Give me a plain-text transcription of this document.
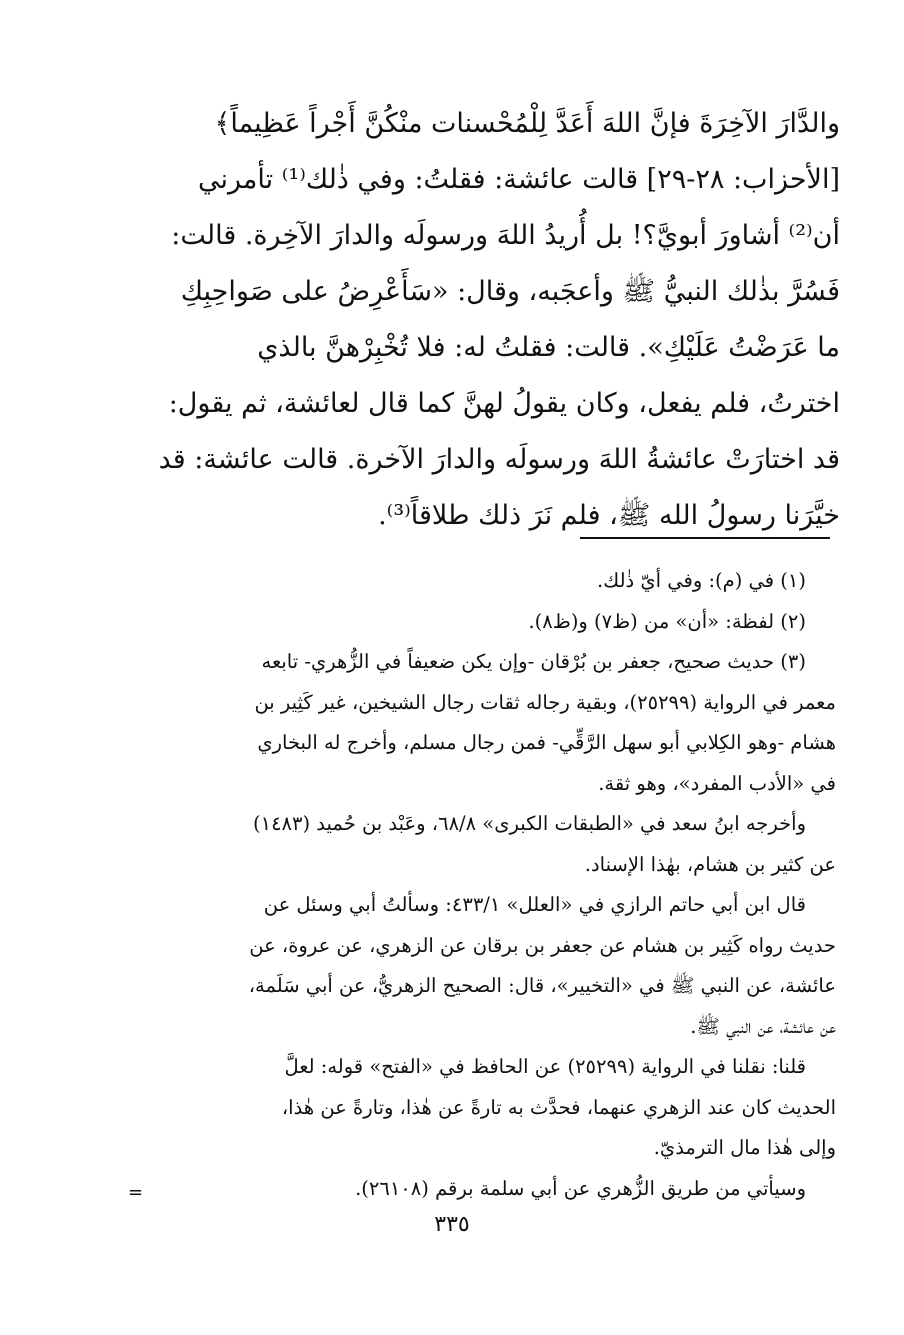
والدَّارَ الآخِرَةَ فإنَّ اللهَ أَعَدَّ لِلْمُحْسنات منْكُنَّ أَجْراً عَظِيماً﴾
[الأحزاب: ٢٨-٢٩] قالت عائشة: فقلتُ: وفي ذٰلك⁽¹⁾ تأمرني
أن⁽²⁾ أشاورَ أبويَّ؟! بل أُريدُ اللهَ ورسولَه والدارَ الآخِرة. قالت:
فَسُرَّ بذٰلك النبيُّ ﷺ وأعجَبه، وقال: «سَأَعْرِضُ على صَواحِبِكِ
ما عَرَضْتُ عَلَيْكِ». قالت: فقلتُ له: فلا تُخْبِرْهنَّ بالذي
اخترتُ، فلم يفعل، وكان يقولُ لهنَّ كما قال لعائشة، ثم يقول:
قد اختارَتْ عائشةُ اللهَ ورسولَه والدارَ الآخرة. قالت عائشة: قد
خيَّرَنا رسولُ الله ﷺ، فلم نَرَ ذلك طلاقاً⁽³⁾.
(١) في (م): وفي أيّ ذٰلك.
(٢) لفظة: «أن» من (ظ٧) و(ظ٨).
(٣) حديث صحيح، جعفر بن بُرْقان -وإن يكن ضعيفاً في الزُّهري- تابعه
معمر في الرواية (٢٥٢٩٩)، وبقية رجاله ثقات رجال الشيخين، غير كَثِير بن
هشام -وهو الكِلابي أبو سهل الرَّقِّي- فمن رجال مسلم، وأخرج له البخاري
في «الأدب المفرد»، وهو ثقة.
وأخرجه ابنُ سعد في «الطبقات الكبرى» ٦٨/٨، وعَبْد بن حُميد (١٤٨٣)
عن كثير بن هشام، بهٰذا الإسناد.
قال ابن أبي حاتم الرازي في «العلل» ٤٣٣/١: وسألتُ أبي وسئل عن
حديث رواه كَثِير بن هشام عن جعفر بن برقان عن الزهري، عن عروة، عن
عائشة، عن النبي ﷺ في «التخيير»، قال: الصحيح الزهريُّ، عن أبي سَلَمة،
عن عائشة، عن النبي ﷺ.
قلنا: نقلنا في الرواية (٢٥٢٩٩) عن الحافظ في «الفتح» قوله: لعلَّ
الحديث كان عند الزهري عنهما، فحدَّث به تارةً عن هٰذا، وتارةً عن هٰذا،
وإلى هٰذا مال الترمذيّ.
وسيأتي من طريق الزُّهري عن أبي سلمة برقم (٢٦١٠٨).
=
٣٣٥
